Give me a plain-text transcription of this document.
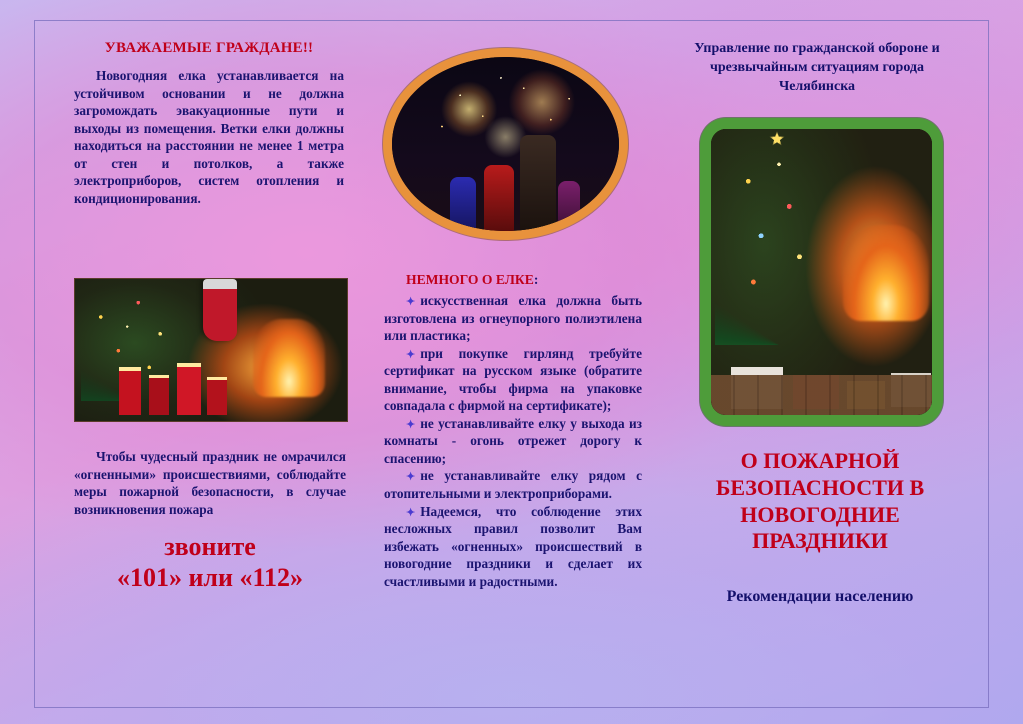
УВАЖАЕМЫЕ ГРАЖДАНЕ!!
Новогодняя елка устанавливается на устойчивом основании и не должна загромождать эвакуационные пути и выходы из помещения. Ветки елки должны находиться на расстоянии не менее 1 метра от стен и потолков, а также электроприборов, систем отопления и кондиционирования.
Чтобы чудесный праздник не омрачился «огненными» происшествиями, соблюдайте меры пожарной безопасности, в случае возникновения пожара
звоните
«101» или «112»
НЕМНОГО О ЕЛКЕ:
✦ искусственная елка должна быть изготовлена из огнеупорного полиэтилена или пластика;
✦ при покупке гирлянд требуйте сертификат на русском языке (обратите внимание, чтобы фирма на упаковке совпадала с фирмой на сертификате);
✦ не устанавливайте елку у выхода из комнаты - огонь отрежет дорогу к спасению;
✦ не устанавливайте елку рядом с отопительными и электроприборами.
✦ Надеемся, что соблюдение этих несложных правил позволит Вам избежать «огненных» происшествий в новогодние праздники и сделает их счастливыми и радостными.
Управление по гражданской обороне и чрезвычайным ситуациям города Челябинска
О ПОЖАРНОЙ БЕЗОПАСНОСТИ В НОВОГОДНИЕ ПРАЗДНИКИ
Рекомендации населению
